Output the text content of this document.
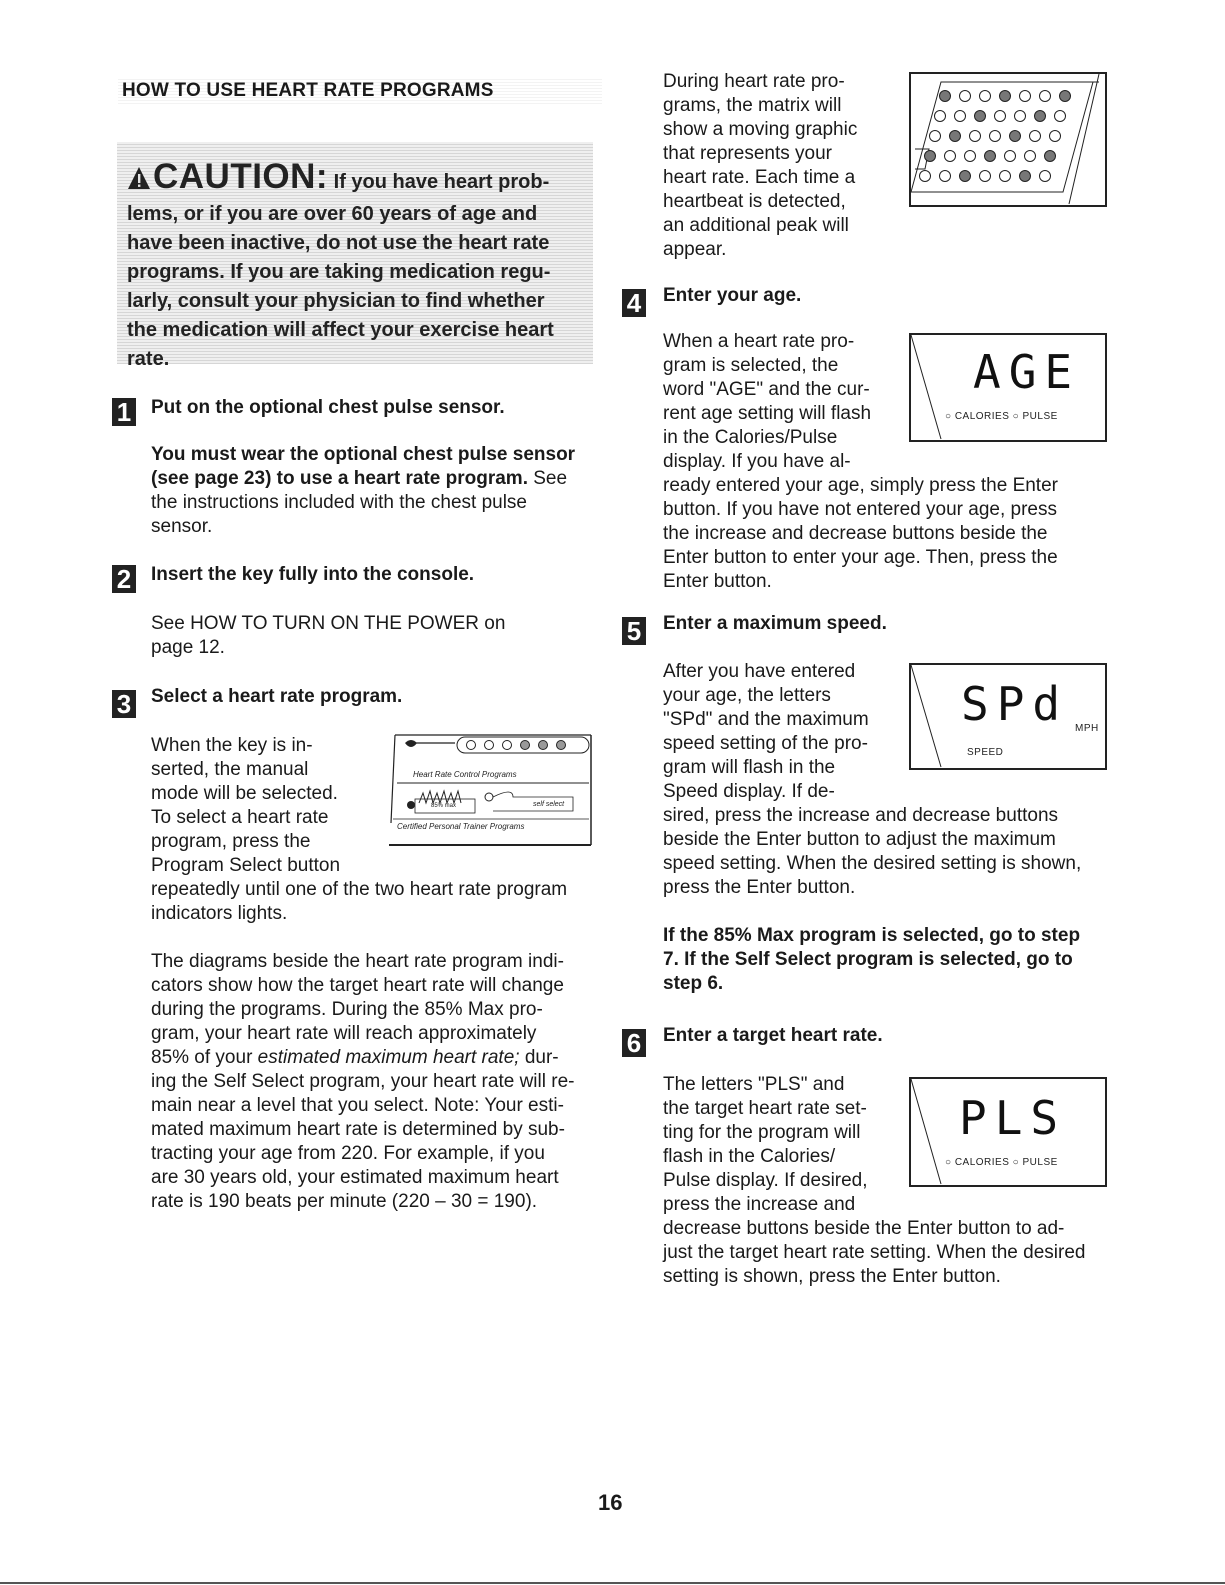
HOW TO USE HEART RATE PROGRAMS
CAUTION: If you have heart prob-
lems, or if you are over 60 years of age and
have been inactive, do not use the heart rate
programs. If you are taking medication regu-
larly, consult your physician to find whether
the medication will affect your exercise heart
rate.
1 Put on the optional chest pulse sensor.
You must wear the optional chest pulse sensor
(see page 23) to use a heart rate program. See
the instructions included with the chest pulse
sensor.
2 Insert the key fully into the console.
See HOW TO TURN ON THE POWER on
page 12.
3 Select a heart rate program.
When the key is in-
serted, the manual
mode will be selected.
To select a heart rate
program, press the
Program Select button
repeatedly until one of the two heart rate program
indicators lights.
The diagrams beside the heart rate program indi-
cators show how the target heart rate will change
during the programs. During the 85% Max pro-
gram, your heart rate will reach approximately
85% of your estimated maximum heart rate; dur-
ing the Self Select program, your heart rate will re-
main near a level that you select. Note: Your esti-
mated maximum heart rate is determined by sub-
tracting your age from 220. For example, if you
are 30 years old, your estimated maximum heart
rate is 190 beats per minute (220 – 30 = 190).
Heart Rate Control Programs
85% max	self select
Certified Personal Trainer Programs
During heart rate pro-
grams, the matrix will
show a moving graphic
that represents your
heart rate. Each time a
heartbeat is detected,
an additional peak will
appear.
4 Enter your age.
When a heart rate pro-
gram is selected, the
word "AGE" and the cur-
rent age setting will flash
in the Calories/Pulse
display. If you have al-
ready entered your age, simply press the Enter
button. If you have not entered your age, press
the increase and decrease buttons beside the
Enter button to enter your age. Then, press the
Enter button.
AGE
○ CALORIES ○ PULSE
5 Enter a maximum speed.
After you have entered
your age, the letters
"SPd" and the maximum
speed setting of the pro-
gram will flash in the
Speed display. If de-
sired, press the increase and decrease buttons
beside the Enter button to adjust the maximum
speed setting. When the desired setting is shown,
press the Enter button.
If the 85% Max program is selected, go to step
7. If the Self Select program is selected, go to
step 6.
SPd MPH
SPEED
6 Enter a target heart rate.
The letters "PLS" and
the target heart rate set-
ting for the program will
flash in the Calories/
Pulse display. If desired,
press the increase and
decrease buttons beside the Enter button to ad-
just the target heart rate setting. When the desired
setting is shown, press the Enter button.
PLS
○ CALORIES ○ PULSE
16
